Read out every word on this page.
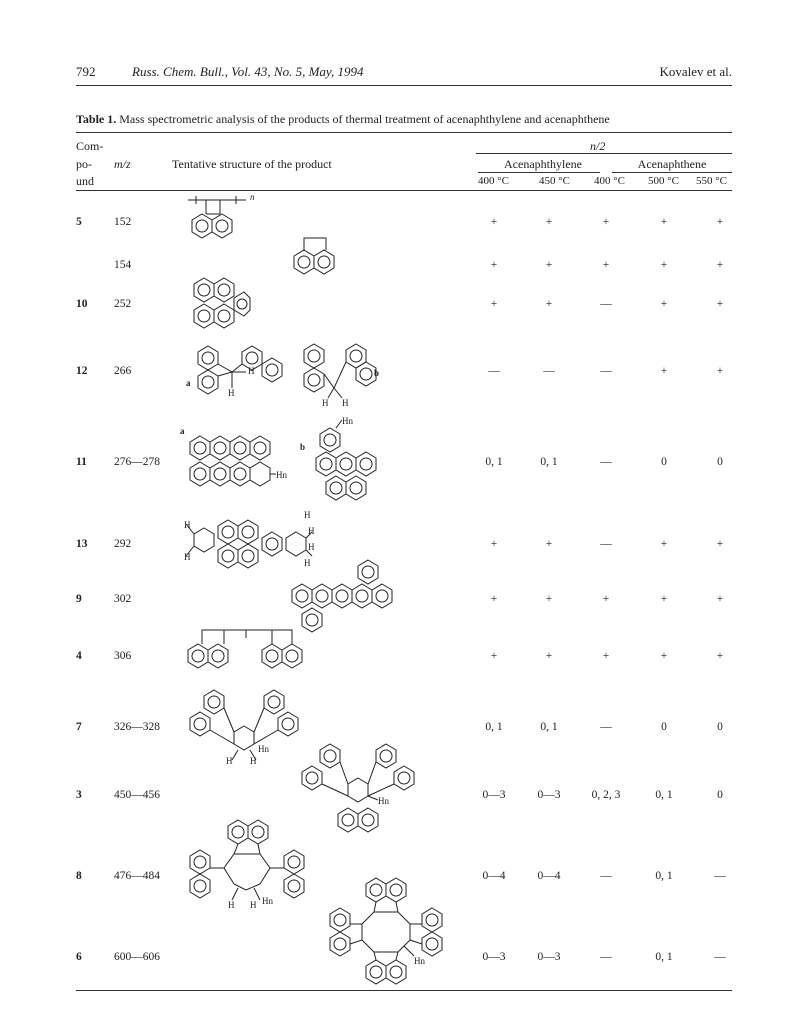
792	Russ. Chem. Bull., Vol. 43, No. 5, May, 1994	Kovalev et al.
Table 1. Mass spectrometric analysis of the products of thermal treatment of acenaphthylene and acenaphthene
Com-
po-
und
m/z	Tentative structure of the product
n/2
Acenaphthylene	Acenaphthene
400 °C	450 °C 400 °C 500 °C 550 °C
5	152	+	+	+	+	+
n
154	+	+	+	+	+
10 252	+	+	—	+	+
12 266	—	—	—	+	+
a
H
H
b
H H
11 276—278	0, 1	0, 1	—	0	0
a
Hn
b
Hn
13 292	+	+	—	+	+
H
H
H
H
H
H
9	302	+	+	+	+	+
4	306	+	+	+	+	+
7	326—328	0, 1	0, 1	—	0	0
H H
Hn
3	450—456	0—3	0—3	0, 2, 3	0, 1	0
Hn
8	476—484	0—4	0—4	—	0, 1	—
H H Hn
6	600—606	0—3	0—3	—	0, 1	—
Hn
